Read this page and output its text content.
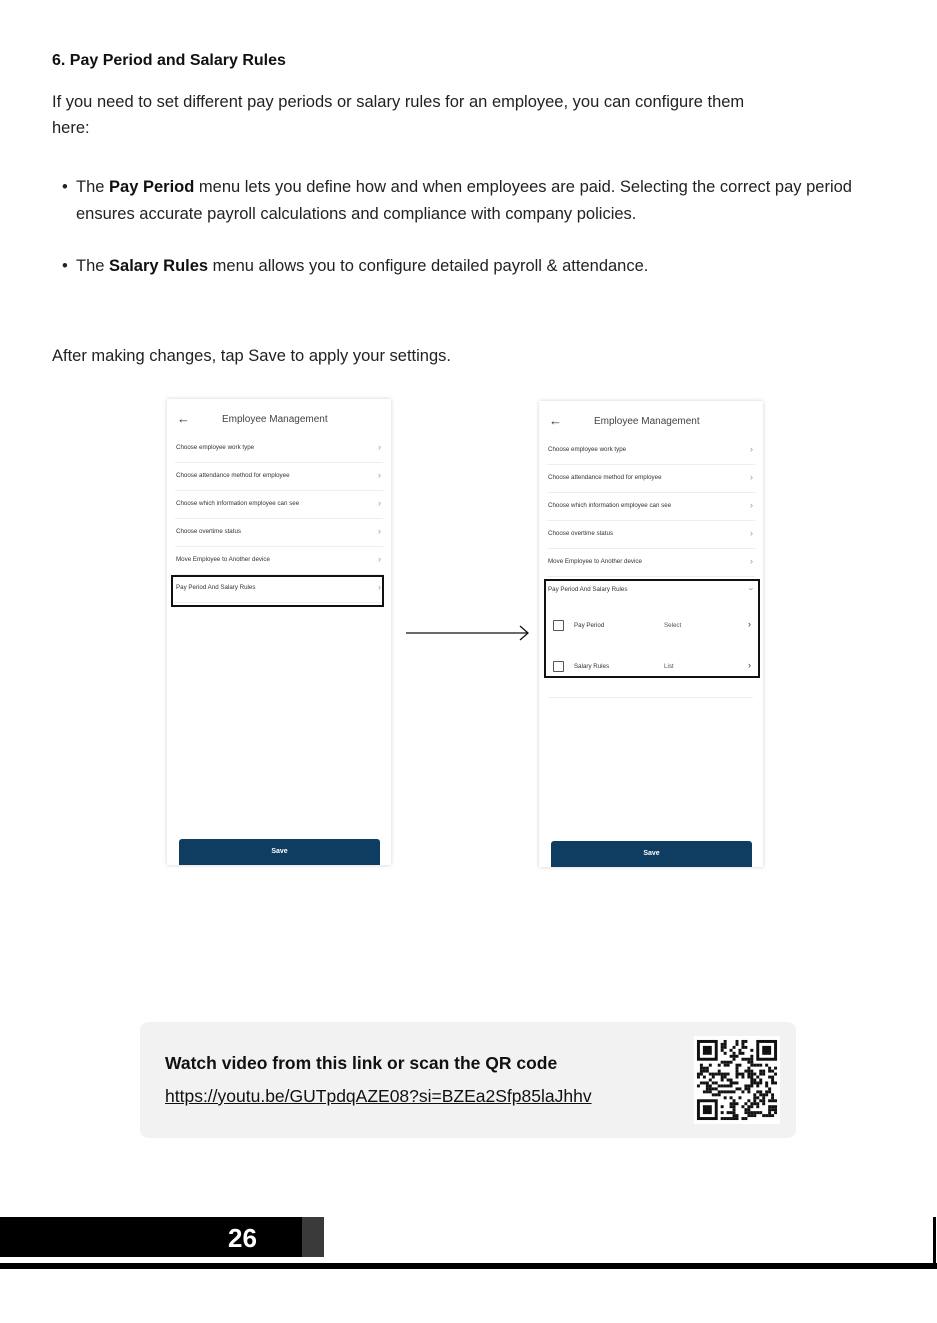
6. Pay Period and Salary Rules

If you need to set different pay periods or salary rules for an employee, you can configure them here:

• The Pay Period menu lets you define how and when employees are paid. Selecting the correct pay period ensures accurate payroll calculations and compliance with company policies.
• The Salary Rules menu allows you to configure detailed payroll & attendance.
After making changes, tap Save to apply your settings.
←	Employee Management
Choose employee work type	›
Choose attendance method for employee	›
Choose which information employee can see	›
Choose overtime status	›
Move Employee to Another device	›
Pay Period And Salary Rules	›
Save
←	Employee Management
Choose employee work type	›
Choose attendance method for employee	›
Choose which information employee can see	›
Choose overtime status	›
Move Employee to Another device	›
Pay Period And Salary Rules	›
Pay Period	Select	›
Salary Rules	List	›
Save
Watch video from this link or scan the QR code
https://youtu.be/GUTpdqAZE08?si=BZEa2Sfp85laJhhv
26
